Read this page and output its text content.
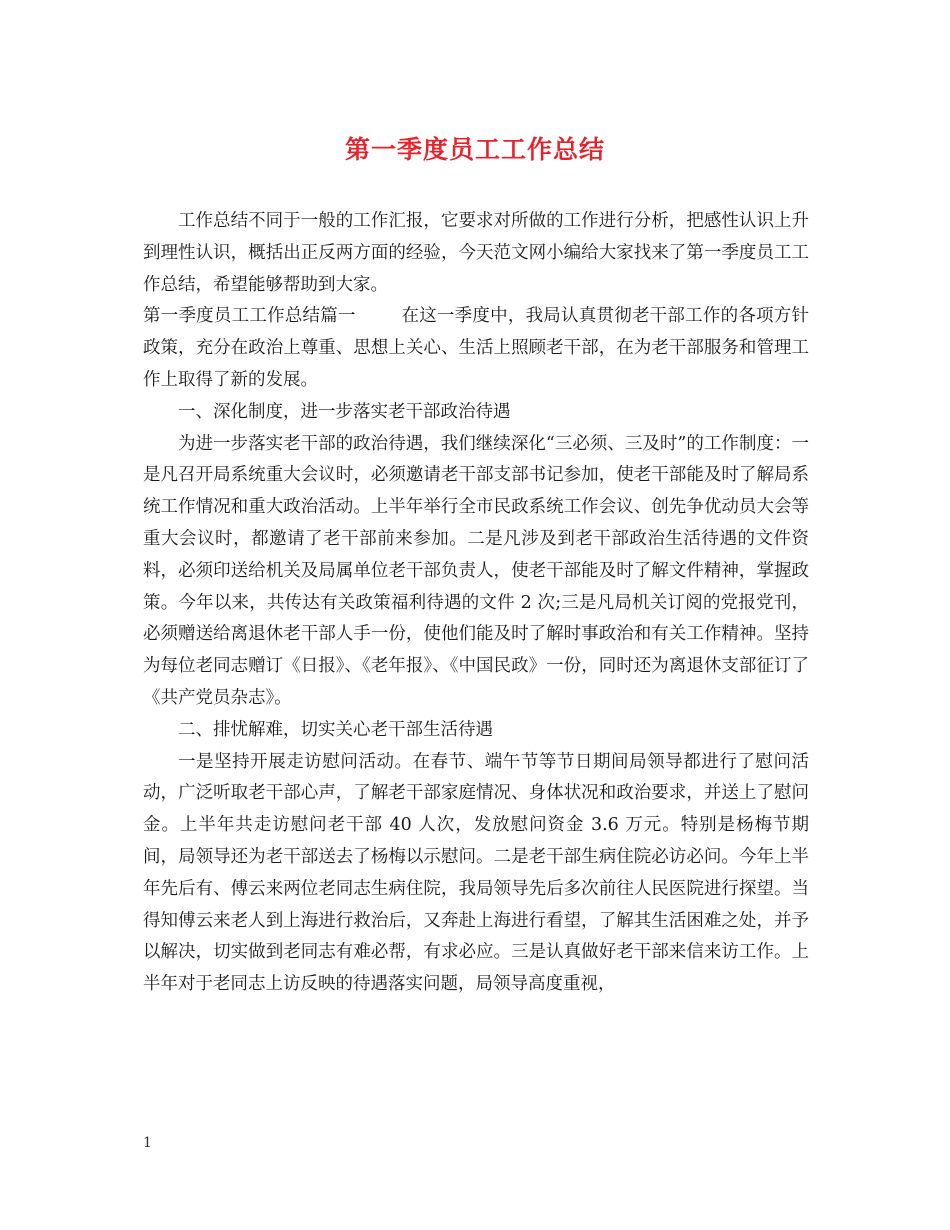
第一季度员工工作总结

工作总结不同于一般的工作汇报，它要求对所做的工作进行分析，把感性认识上升到理性认识，概括出正反两方面的经验，今天范文网小编给大家找来了第一季度员工工作总结，希望能够帮助到大家。

第一季度员工工作总结篇一	在这一季度中，我局认真贯彻老干部工作的各项方针政策，充分在政治上尊重、思想上关心、生活上照顾老干部，在为老干部服务和管理工作上取得了新的发展。

一、深化制度，进一步落实老干部政治待遇

为进一步落实老干部的政治待遇，我们继续深化“三必须、三及时”的工作制度：一是凡召开局系统重大会议时，必须邀请老干部支部书记参加，使老干部能及时了解局系统工作情况和重大政治活动。上半年举行全市民政系统工作会议、创先争优动员大会等重大会议时，都邀请了老干部前来参加。二是凡涉及到老干部政治生活待遇的文件资料，必须印送给机关及局属单位老干部负责人，使老干部能及时了解文件精神，掌握政策。今年以来，共传达有关政策福利待遇的文件 2 次;三是凡局机关订阅的党报党刊，必须赠送给离退休老干部人手一份，使他们能及时了解时事政治和有关工作精神。坚持为每位老同志赠订《日报》、《老年报》、《中国民政》一份，同时还为离退休支部征订了《共产党员杂志》。

二、排忧解难，切实关心老干部生活待遇

一是坚持开展走访慰问活动。在春节、端午节等节日期间局领导都进行了慰问活动，广泛听取老干部心声，了解老干部家庭情况、身体状况和政治要求，并送上了慰问金。上半年共走访慰问老干部 40 人次，发放慰问资金 3.6 万元。特别是杨梅节期间，局领导还为老干部送去了杨梅以示慰问。二是老干部生病住院必访必问。今年上半年先后有、傅云来两位老同志生病住院，我局领导先后多次前往人民医院进行探望。当得知傅云来老人到上海进行救治后，又奔赴上海进行看望，了解其生活困难之处，并予以解决，切实做到老同志有难必帮，有求必应。三是认真做好老干部来信来访工作。上半年对于老同志上访反映的待遇落实问题，局领导高度重视，

1
